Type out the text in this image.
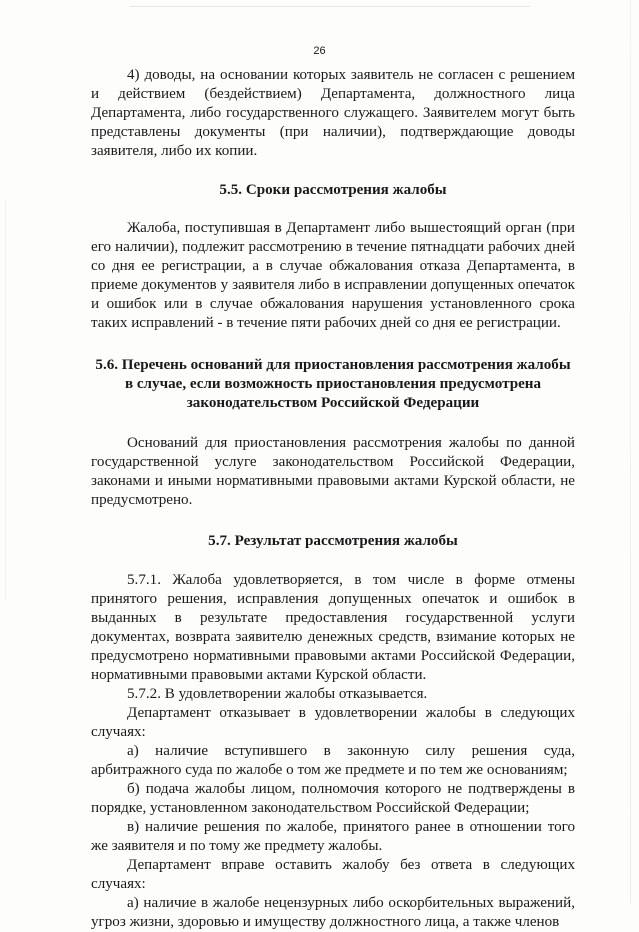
26

4) доводы, на основании которых заявитель не согласен с решением и действием (бездействием) Департамента, должностного лица Департамента, либо государственного служащего. Заявителем могут быть представлены документы (при наличии), подтверждающие доводы заявителя, либо их копии.

5.5. Сроки рассмотрения жалобы

Жалоба, поступившая в Департамент либо вышестоящий орган (при его наличии), подлежит рассмотрению в течение пятнадцати рабочих дней со дня ее регистрации, а в случае обжалования отказа Департамента, в приеме документов у заявителя либо в исправлении допущенных опечаток и ошибок или в случае обжалования нарушения установленного срока таких исправлений - в течение пяти рабочих дней со дня ее регистрации.

5.6. Перечень оснований для приостановления рассмотрения жалобы
в случае, если возможность приостановления предусмотрена
законодательством Российской Федерации

Оснований для приостановления рассмотрения жалобы по данной государственной услуге законодательством Российской Федерации, законами и иными нормативными правовыми актами Курской области, не предусмотрено.

5.7. Результат рассмотрения жалобы

5.7.1. Жалоба удовлетворяется, в том числе в форме отмены принятого решения, исправления допущенных опечаток и ошибок в выданных в результате предоставления государственной услуги документах, возврата заявителю денежных средств, взимание которых не предусмотрено нормативными правовыми актами Российской Федерации, нормативными правовыми актами Курской области.

5.7.2. В удовлетворении жалобы отказывается.

Департамент отказывает в удовлетворении жалобы в следующих случаях:

а) наличие вступившего в законную силу решения суда, арбитражного суда по жалобе о том же предмете и по тем же основаниям;

б) подача жалобы лицом, полномочия которого не подтверждены в порядке, установленном законодательством Российской Федерации;

в) наличие решения по жалобе, принятого ранее в отношении того же заявителя и по тому же предмету жалобы.

Департамент вправе оставить жалобу без ответа в следующих случаях:

а) наличие в жалобе нецензурных либо оскорбительных выражений, угроз жизни, здоровью и имуществу должностного лица, а также членов
